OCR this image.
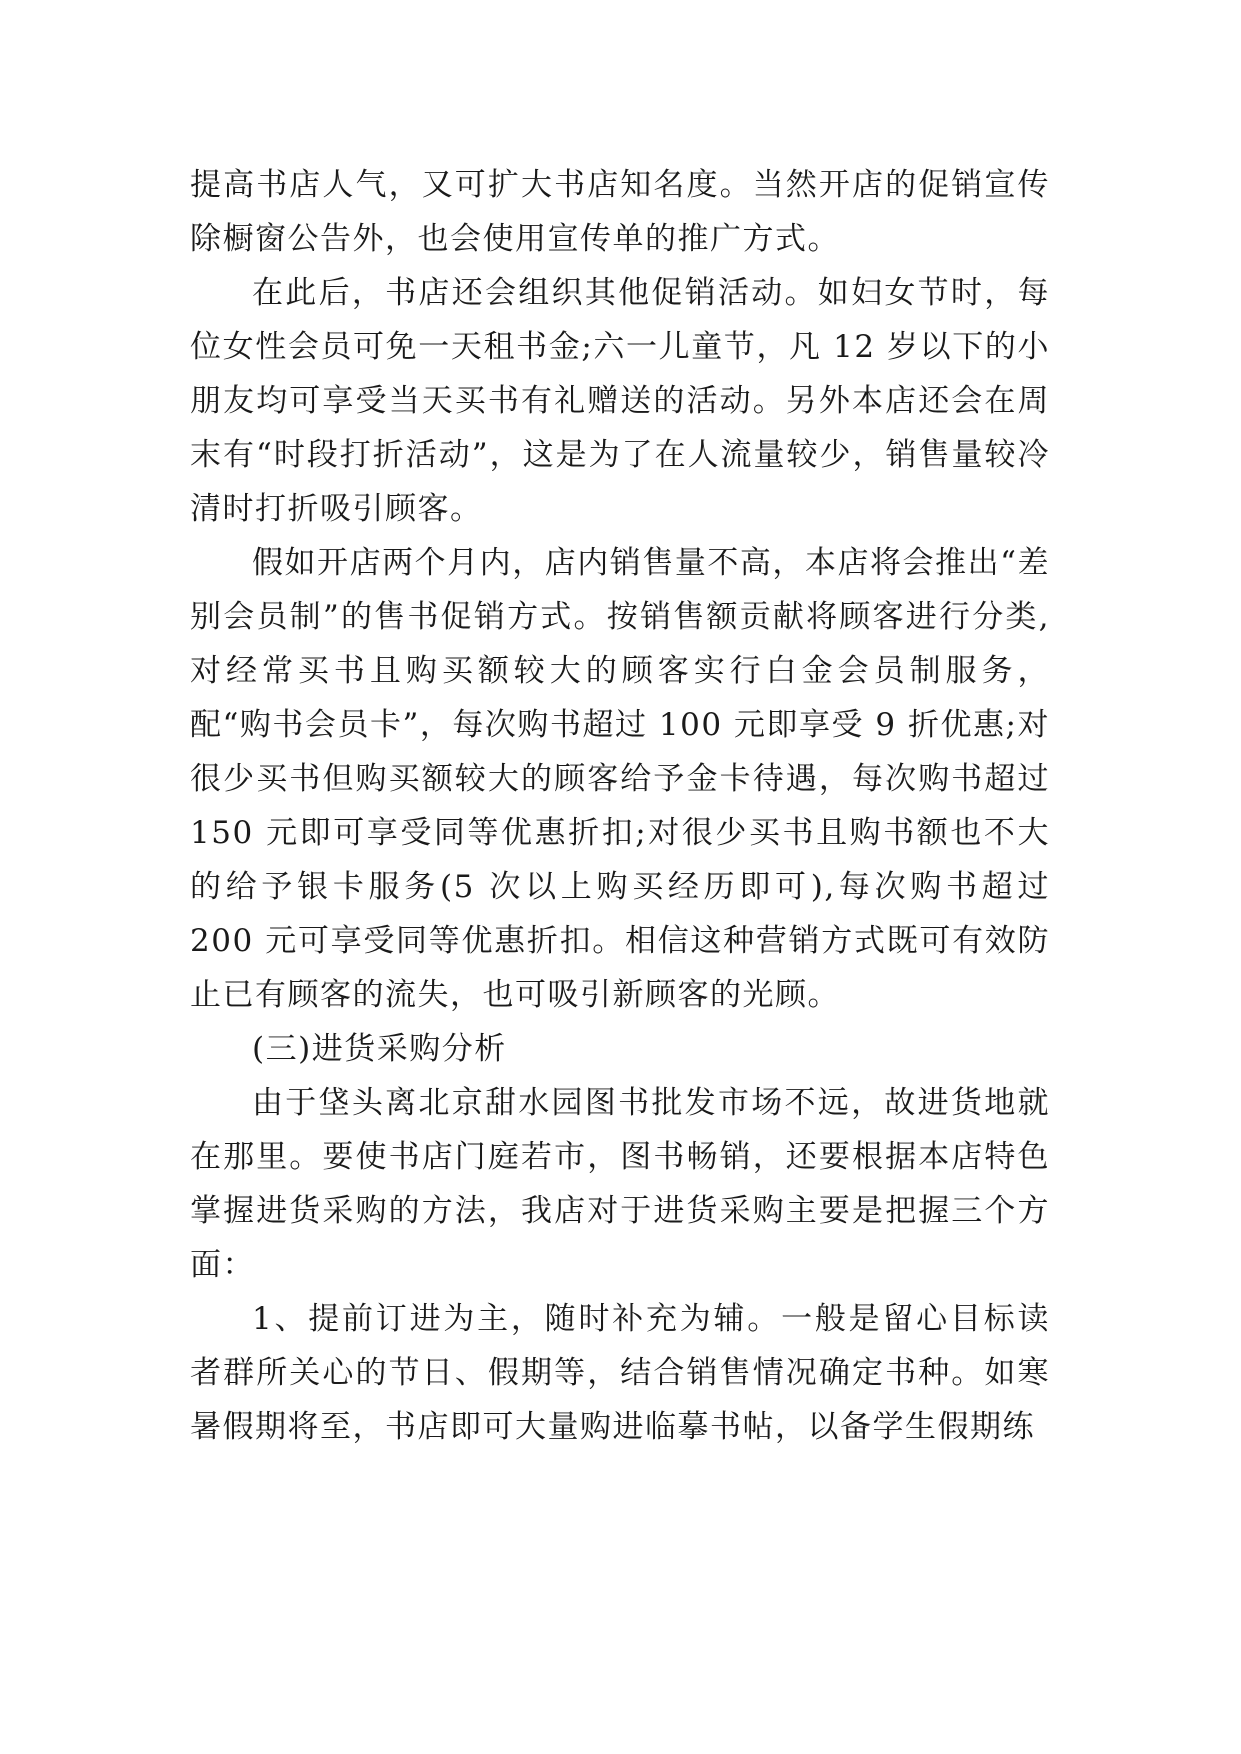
提高书店人气，又可扩大书店知名度。当然开店的促销宣传除橱窗公告外，也会使用宣传单的推广方式。

在此后，书店还会组织其他促销活动。如妇女节时，每位女性会员可免一天租书金;六一儿童节，凡 12 岁以下的小朋友均可享受当天买书有礼赠送的活动。另外本店还会在周末有“时段打折活动”，这是为了在人流量较少，销售量较冷清时打折吸引顾客。

假如开店两个月内，店内销售量不高，本店将会推出“差别会员制”的售书促销方式。按销售额贡献将顾客进行分类,对经常买书且购买额较大的顾客实行白金会员制服务，配“购书会员卡”，每次购书超过 100 元即享受 9 折优惠;对很少买书但购买额较大的顾客给予金卡待遇，每次购书超过 150 元即可享受同等优惠折扣;对很少买书且购书额也不大的给予银卡服务(5 次以上购买经历即可),每次购书超过 200 元可享受同等优惠折扣。相信这种营销方式既可有效防止已有顾客的流失，也可吸引新顾客的光顾。

(三)进货采购分析

由于垡头离北京甜水园图书批发市场不远，故进货地就在那里。要使书店门庭若市，图书畅销，还要根据本店特色掌握进货采购的方法，我店对于进货采购主要是把握三个方面：

1、提前订进为主，随时补充为辅。一般是留心目标读者群所关心的节日、假期等，结合销售情况确定书种。如寒暑假期将至，书店即可大量购进临摹书帖，以备学生假期练
